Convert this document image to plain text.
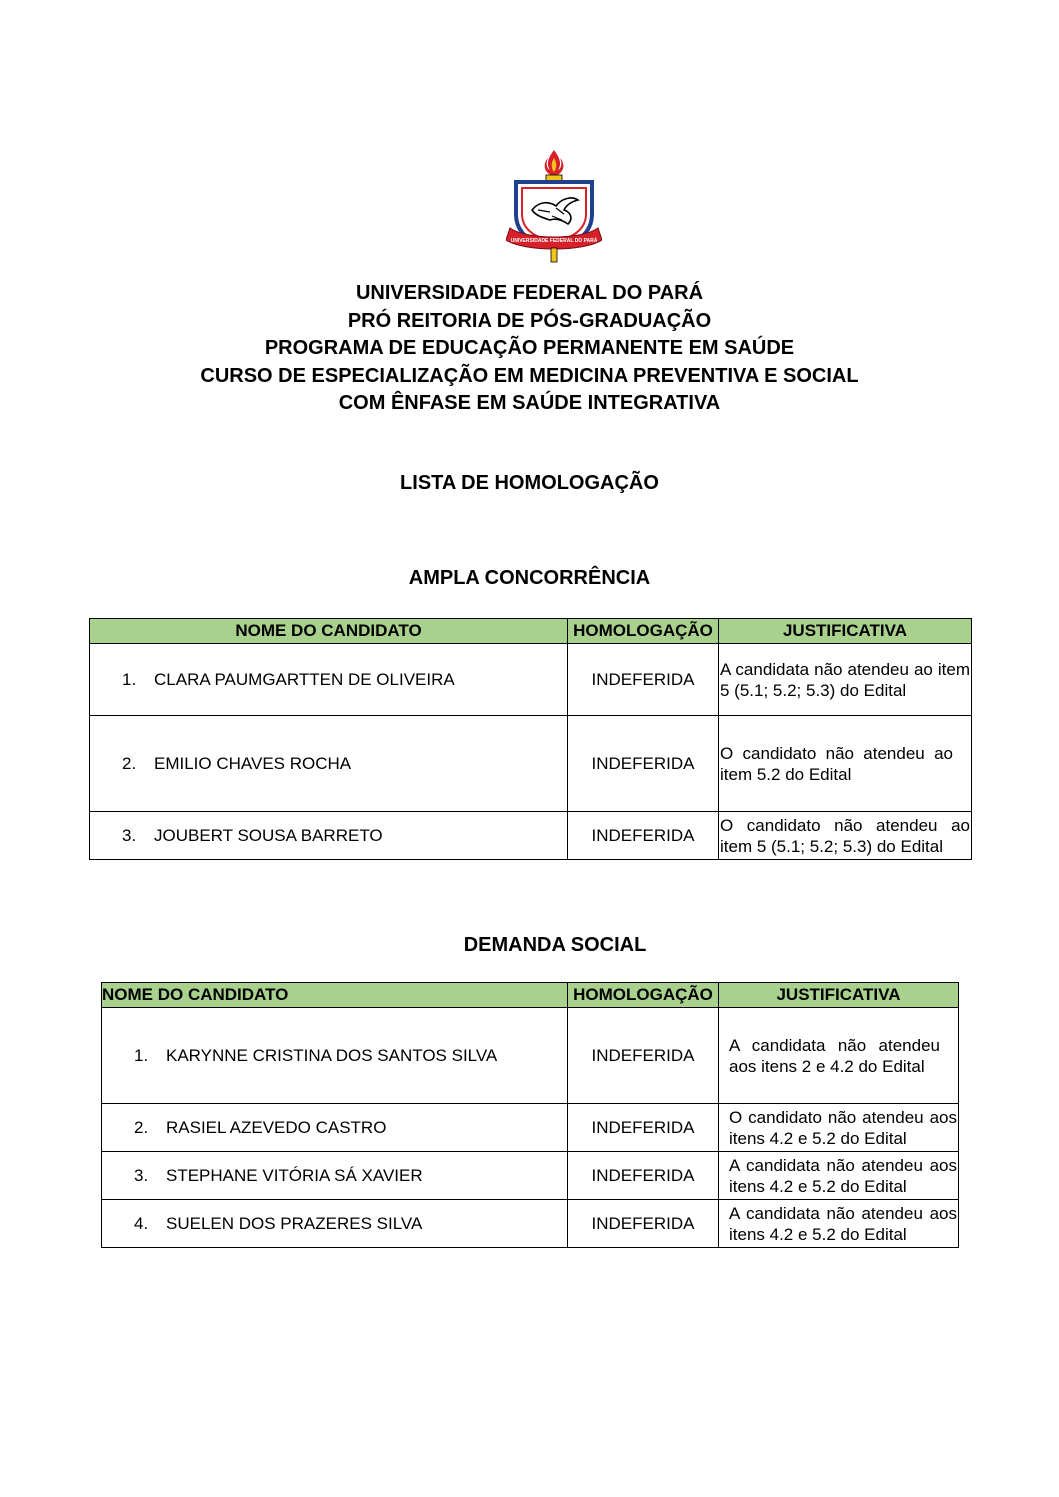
UNIVERSIDADE FEDERAL DO PARÁ
UNIVERSIDADE FEDERAL DO PARÁ
PRÓ REITORIA DE PÓS-GRADUAÇÃO
PROGRAMA DE EDUCAÇÃO PERMANENTE EM SAÚDE
CURSO DE ESPECIALIZAÇÃO EM MEDICINA PREVENTIVA E SOCIAL
COM ÊNFASE EM SAÚDE INTEGRATIVA
LISTA DE HOMOLOGAÇÃO
AMPLA CONCORRÊNCIA
NOME DO CANDIDATO	HOMOLOGAÇÃO	JUSTIFICATIVA
1. CLARA PAUMGARTTEN DE OLIVEIRA	INDEFERIDA	A candidata não atendeu ao item 5 (5.1; 5.2; 5.3) do Edital
2. EMILIO CHAVES ROCHA	INDEFERIDA	O candidato não atendeu ao item 5.2 do Edital
3. JOUBERT SOUSA BARRETO	INDEFERIDA	O candidato não atendeu ao item 5 (5.1; 5.2; 5.3) do Edital
DEMANDA SOCIAL
NOME DO CANDIDATO	HOMOLOGAÇÃO	JUSTIFICATIVA
1. KARYNNE CRISTINA DOS SANTOS SILVA	INDEFERIDA	A candidata não atendeu aos itens 2 e 4.2 do Edital
2. RASIEL AZEVEDO CASTRO	INDEFERIDA	O candidato não atendeu aos itens 4.2 e 5.2 do Edital
3. STEPHANE VITÓRIA SÁ XAVIER	INDEFERIDA	A candidata não atendeu aos itens 4.2 e 5.2 do Edital
4. SUELEN DOS PRAZERES SILVA	INDEFERIDA	A candidata não atendeu aos itens 4.2 e 5.2 do Edital
